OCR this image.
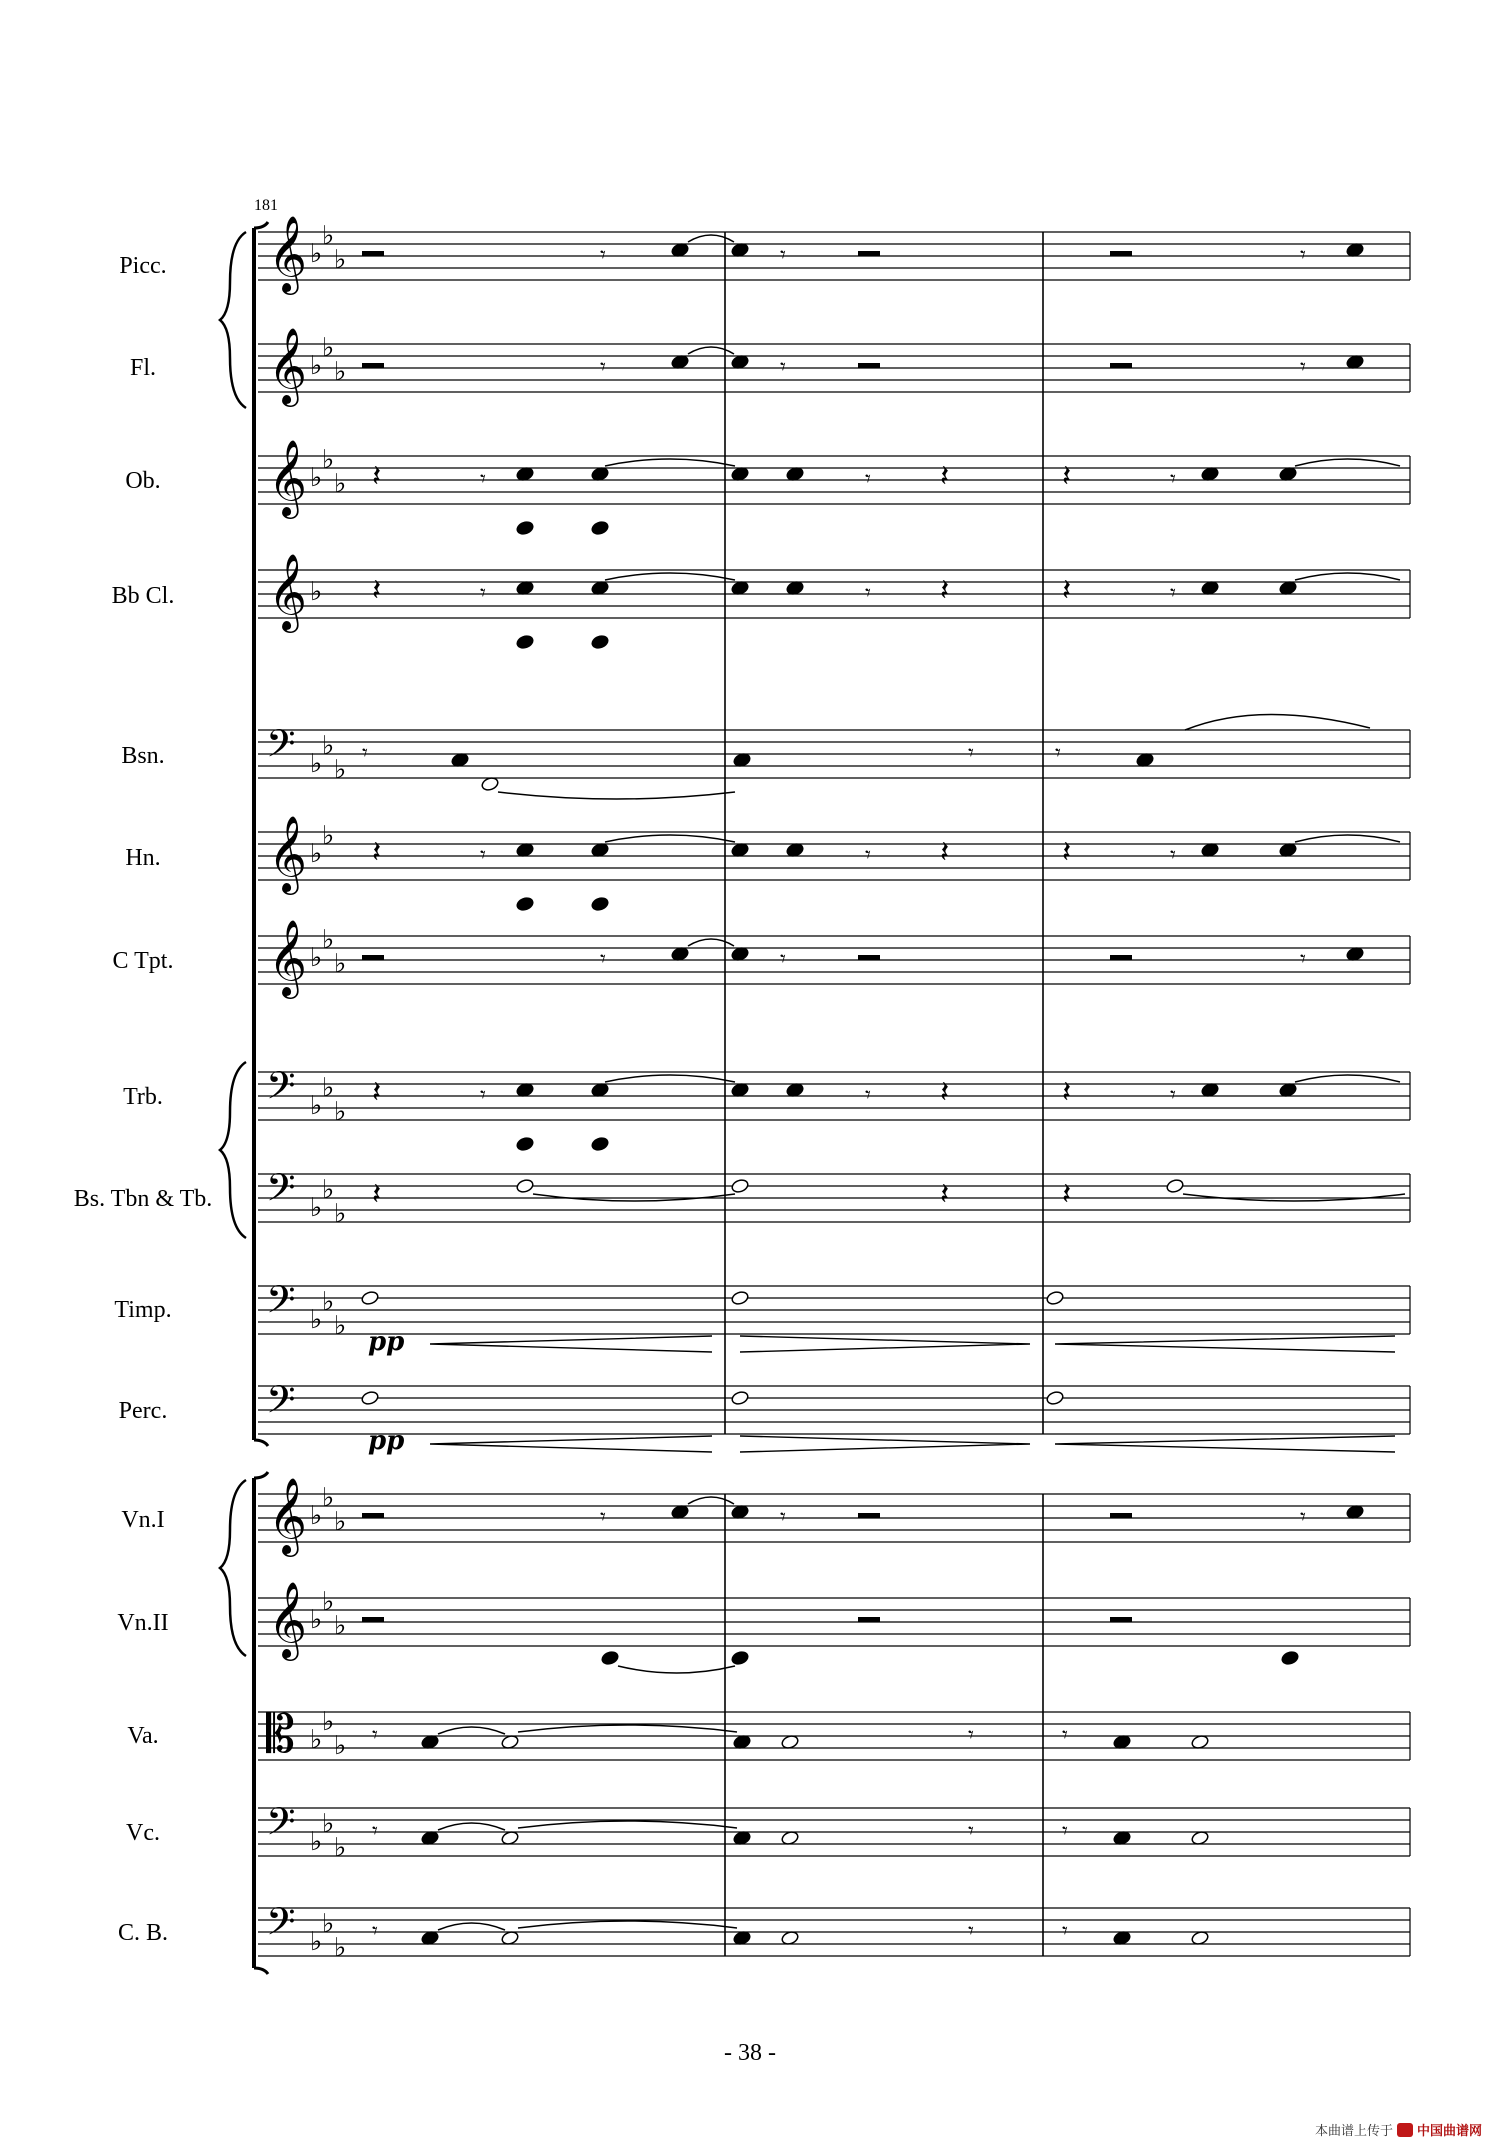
181
Picc.
Fl.
Ob.
Bb Cl.
Bsn.
Hn.
C Tpt.
Trb.
Bs. Tbn & Tb.
Timp.
Perc.
Vn.I
Vn.II
Va.
Vc.
C. B.
𝄞 ♭
♭
♭
𝄞 ♭
♭
♭
𝄞 ♭
♭
♭
𝄞 ♭
𝄢 ♭
♭
♭
𝄞 ♭
♭
𝄞 ♭
♭
♭
𝄢 ♭
♭
♭
𝄢 ♭
♭
♭
𝄢 ♭
♭
♭
𝄢
𝄞 ♭
♭
♭
𝄞 ♭
♭
♭
𝄡 ♭
♭
♭
𝄢 ♭
♭
♭
𝄢 ♭
♭
♭
𝄾	𝄾
𝄾
𝄾	𝄾
𝄾
𝄾	𝄾
𝄾
𝄾	𝄾
𝄾
𝄽	𝄽
𝄽
𝄾	𝄾
𝄾
𝄽	𝄽
𝄽
𝄾	𝄾
𝄾
𝄽	𝄽
𝄽
𝄾	𝄾
𝄾
𝄽	𝄽
𝄽
𝄾	𝄾
𝄾
𝄾	𝄾	𝄾
𝄽	𝄽	𝄽
𝄾	𝄾	𝄾
𝄾	𝄾	𝄾
𝄾	𝄾	𝄾
pp
pp
- 38 -
本曲谱上传于 中国曲谱网
